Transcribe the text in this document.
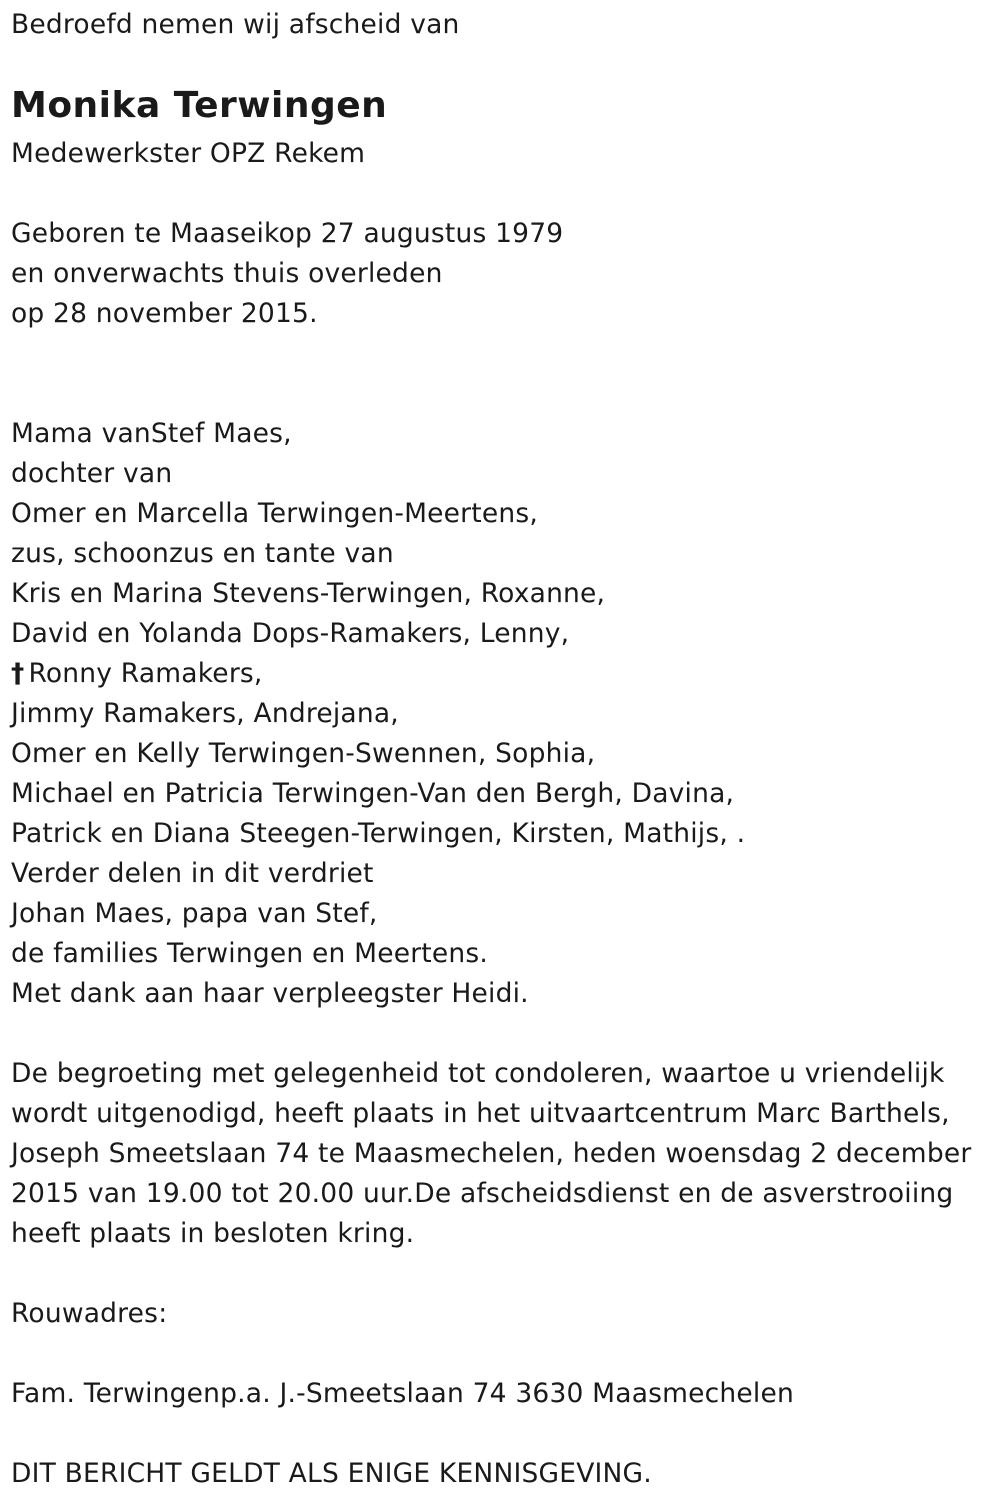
Bedroefd nemen wij afscheid van
Monika Terwingen
Medewerkster OPZ Rekem
Geboren te Maaseikop 27 augustus 1979
en onverwachts thuis overleden
op 28 november 2015.
Mama vanStef Maes,
dochter van
Omer en Marcella Terwingen-Meertens,
zus, schoonzus en tante van
Kris en Marina Stevens-Terwingen, Roxanne,
David en Yolanda Dops-Ramakers, Lenny,
† Ronny Ramakers,
Jimmy Ramakers, Andrejana,
Omer en Kelly Terwingen-Swennen, Sophia,
Michael en Patricia Terwingen-Van den Bergh, Davina,
Patrick en Diana Steegen-Terwingen, Kirsten, Mathijs, .
Verder delen in dit verdriet
Johan Maes, papa van Stef,
de families Terwingen en Meertens.
Met dank aan haar verpleegster Heidi.
De begroeting met gelegenheid tot condoleren, waartoe u vriendelijk
wordt uitgenodigd, heeft plaats in het uitvaartcentrum Marc Barthels,
Joseph Smeetslaan 74 te Maasmechelen, heden woensdag 2 december
2015 van 19.00 tot 20.00 uur.De afscheidsdienst en de asverstrooiing
heeft plaats in besloten kring.
Rouwadres:
Fam. Terwingenp.a. J.-Smeetslaan 74 3630 Maasmechelen
DIT BERICHT GELDT ALS ENIGE KENNISGEVING.
